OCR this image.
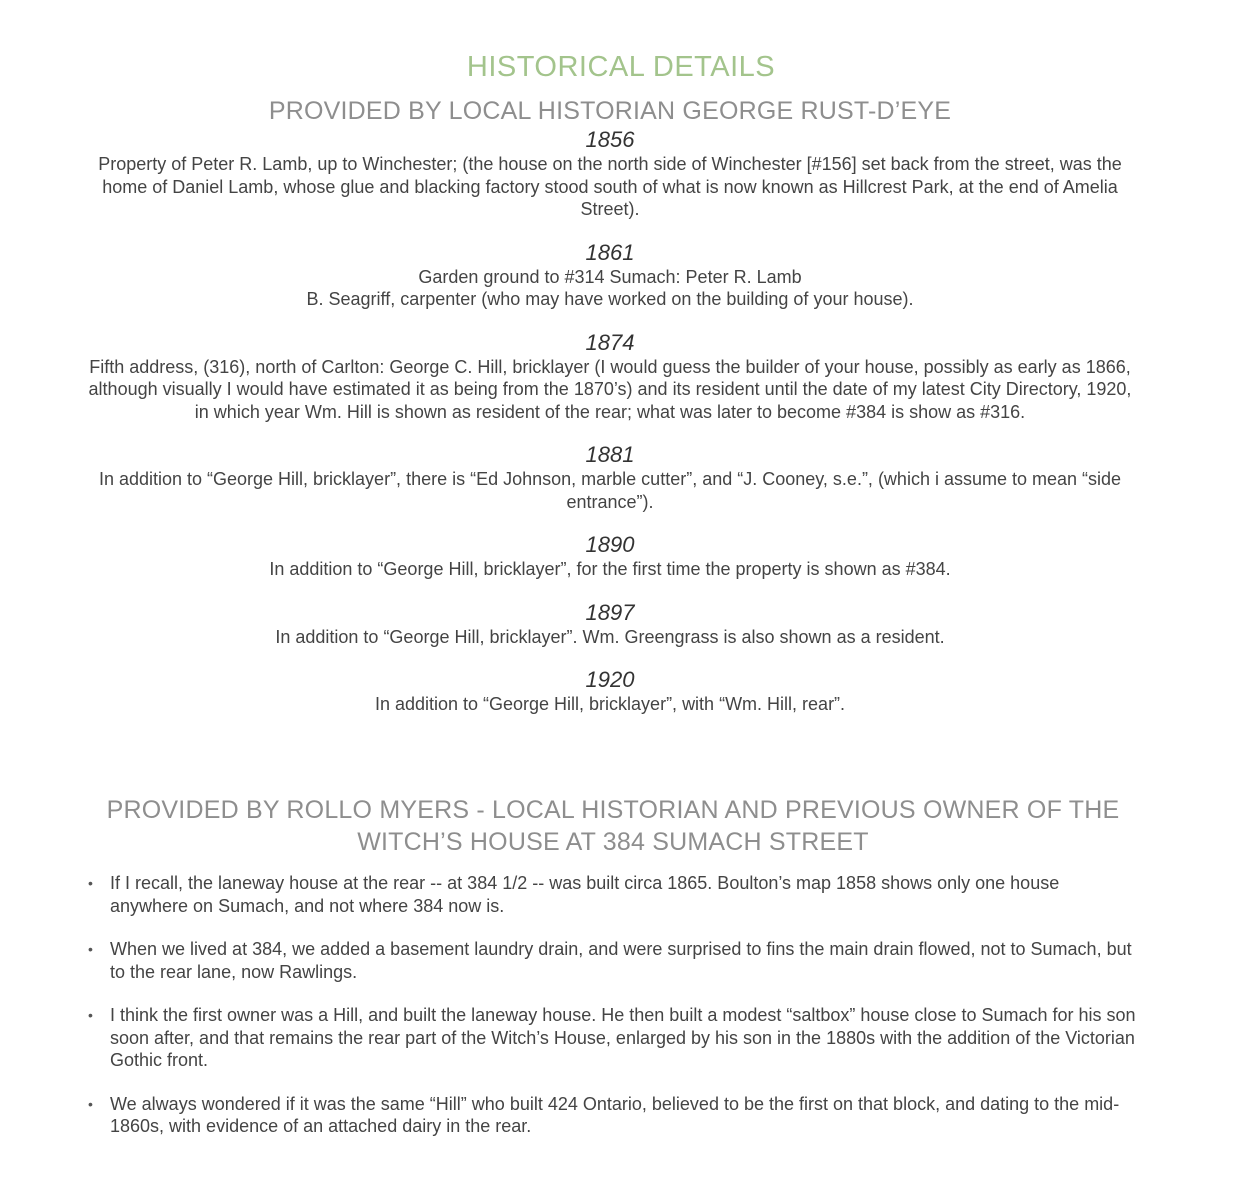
HISTORICAL DETAILS
PROVIDED BY LOCAL HISTORIAN GEORGE RUST-D’EYE
1856
Property of Peter R. Lamb, up to Winchester; (the house on the north side of Winchester [#156] set back from the street, was the home of Daniel Lamb, whose glue and blacking factory stood south of what is now known as Hillcrest Park, at the end of Amelia Street).
1861
Garden ground to #314 Sumach: Peter R. Lamb
B. Seagriff, carpenter (who may have worked on the building of your house).
1874
Fifth address, (316), north of Carlton: George C. Hill, bricklayer (I would guess the builder of your house, possibly as early as 1866, although visually I would have estimated it as being from the 1870’s) and its resident until the date of my latest City Directory, 1920, in which year Wm. Hill is shown as resident of the rear; what was later to become #384 is show as #316.
1881
In addition to “George Hill, bricklayer”, there is “Ed Johnson, marble cutter”, and “J. Cooney, s.e.”, (which i assume to mean “side entrance”).
1890
In addition to “George Hill, bricklayer”, for the first time the property is shown as #384.
1897
In addition to “George Hill, bricklayer”. Wm. Greengrass is also shown as a resident.
1920
In addition to “George Hill, bricklayer”, with “Wm. Hill, rear”.
PROVIDED BY ROLLO MYERS - LOCAL HISTORIAN AND PREVIOUS OWNER OF THE
WITCH’S HOUSE AT 384 SUMACH STREET
• If I recall, the laneway house at the rear -- at 384 1/2 -- was built circa 1865. Boulton’s map 1858 shows only one house anywhere on Sumach, and not where 384 now is.
• When we lived at 384, we added a basement laundry drain, and were surprised to fins the main drain flowed, not to Sumach, but to the rear lane, now Rawlings.
• I think the first owner was a Hill, and built the laneway house. He then built a modest “saltbox” house close to Sumach for his son soon after, and that remains the rear part of the Witch’s House, enlarged by his son in the 1880s with the addition of the Victorian Gothic front.
• We always wondered if it was the same “Hill” who built 424 Ontario, believed to be the first on that block, and dating to the mid-1860s, with evidence of an attached dairy in the rear.
